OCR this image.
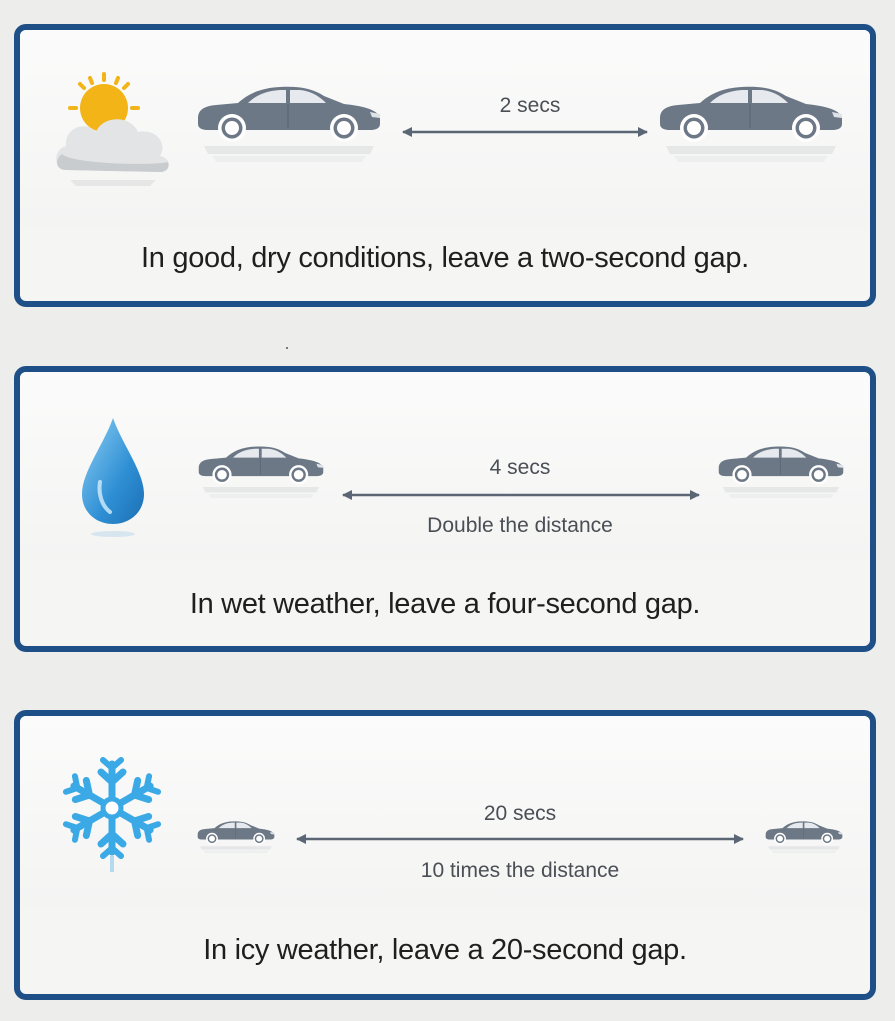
2 secs
In good, dry conditions, leave a two-second gap.
4 secs
Double the distance
In wet weather, leave a four-second gap.
20 secs
10 times the distance
In icy weather, leave a 20-second gap.
